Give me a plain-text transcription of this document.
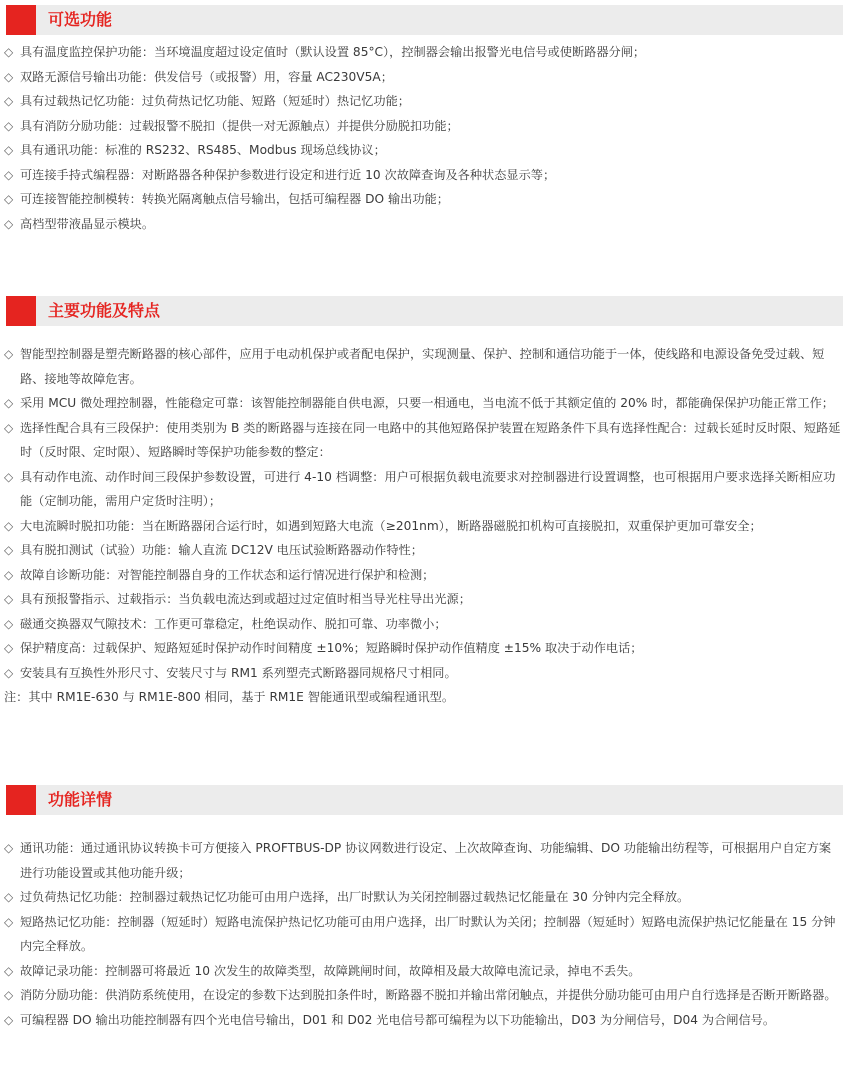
可选功能
◇ 具有温度监控保护功能：当环境温度超过设定值时（默认设置 85°C），控制器会输出报警光电信号或使断路器分闸；
◇ 双路无源信号输出功能：供发信号（或报警）用，容量 AC230V5A；
◇ 具有过载热记忆功能：过负荷热记忆功能、短路（短延时）热记忆功能；
◇ 具有消防分励功能：过载报警不脱扣（提供一对无源触点）并提供分励脱扣功能；
◇ 具有通讯功能：标准的 RS232、RS485、Modbus 现场总线协议；
◇ 可连接手持式编程器：对断路器各种保护参数进行设定和进行近 10 次故障查询及各种状态显示等；
◇ 可连接智能控制模转：转换光隔离触点信号输出，包括可编程器 DO 输出功能；
◇ 高档型带液晶显示模块。
主要功能及特点
◇ 智能型控制器是塑壳断路器的核心部件，应用于电动机保护或者配电保护，实现测量、保护、控制和通信功能于一体，使线路和电源设备免受过载、短路、接地等故障危害。
◇ 采用 MCU 微处理控制器，性能稳定可靠：该智能控制器能自供电源，只要一相通电，当电流不低于其额定值的 20% 时，都能确保保护功能正常工作；
◇ 选择性配合具有三段保护：使用类别为 B 类的断路器与连接在同一电路中的其他短路保护装置在短路条件下具有选择性配合：过载长延时反时限、短路延时（反时限、定时限）、短路瞬时等保护功能参数的整定：
◇ 具有动作电流、动作时间三段保护参数设置，可进行 4-10 档调整：用户可根据负载电流要求对控制器进行设置调整，也可根据用户要求选择关断相应功能（定制功能，需用户定货时注明）；
◇ 大电流瞬时脱扣功能：当在断路器闭合运行时，如遇到短路大电流（≥201nm），断路器磁脱扣机构可直接脱扣，双重保护更加可靠安全；
◇ 具有脱扣测试（试验）功能：输人直流 DC12V 电压试验断路器动作特性；
◇ 故障自诊断功能：对智能控制器自身的工作状态和运行情况进行保护和检测；
◇ 具有预报警指示、过载指示：当负载电流达到或超过过定值时相当导光柱导出光源；
◇ 磁通交换器双气隙技术：工作更可靠稳定，杜绝误动作、脱扣可靠、功率微小；
◇ 保护精度高：过载保护、短路短延时保护动作时间精度 ±10%；短路瞬时保护动作值精度 ±15% 取决于动作电话；
◇ 安装具有互换性外形尺寸、安装尺寸与 RM1 系列塑壳式断路器同规格尺寸相同。
注：其中 RM1E-630 与 RM1E-800 相同，基于 RM1E 智能通讯型或编程通讯型。
功能详情
◇ 通讯功能：通过通讯协议转换卡可方便接入 PROFTBUS-DP 协议网数进行设定、上次故障查询、功能编辑、DO 功能输出纺程等，可根据用户自定方案进行功能设置或其他功能升级；
◇ 过负荷热记忆功能：控制器过载热记忆功能可由用户选择，出厂时默认为关闭控制器过载热记忆能量在 30 分钟内完全释放。
◇ 短路热记忆功能：控制器（短延时）短路电流保护热记忆功能可由用户选择，出厂时默认为关闭；控制器（短延时）短路电流保护热记忆能量在 15 分钟内完全释放。
◇ 故障记录功能：控制器可将最近 10 次发生的故障类型，故障跳闸时间，故障相及最大故障电流记录，掉电不丢失。
◇ 消防分励功能：供消防系统使用，在设定的参数下达到脱扣条件时，断路器不脱扣并输出常闭触点，并提供分励功能可由用户自行选择是否断开断路器。
◇ 可编程器 DO 输出功能控制器有四个光电信号输出，D01 和 D02 光电信号都可编程为以下功能输出，D03 为分闸信号，D04 为合闸信号。
